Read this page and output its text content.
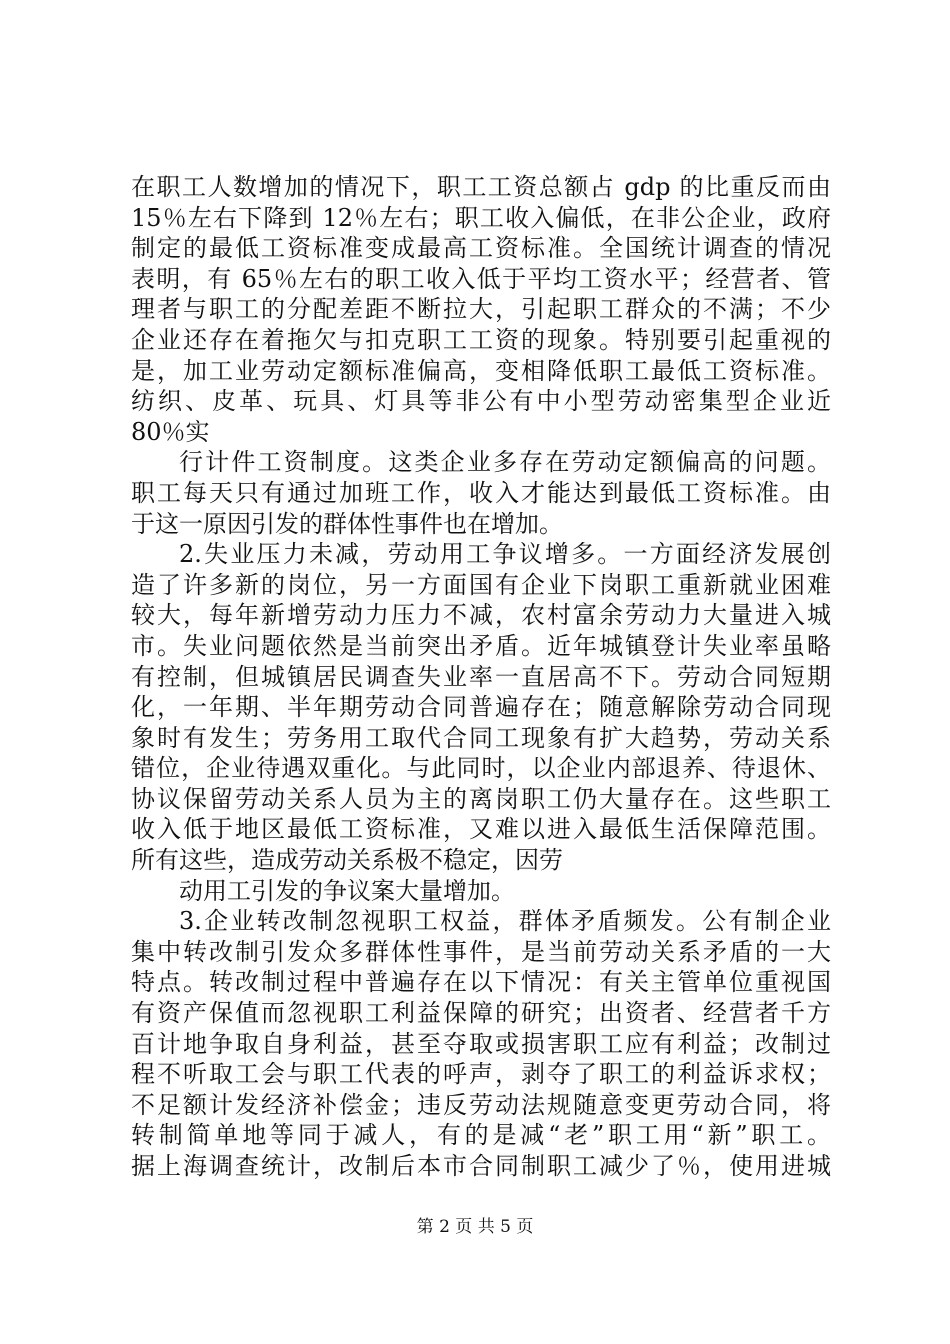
在职工人数增加的情况下，职工工资总额占 gdp 的比重反而由
15％左右下降到 12％左右；职工收入偏低，在非公企业，政府
制定的最低工资标准变成最高工资标准。全国统计调查的情况
表明，有 65％左右的职工收入低于平均工资水平；经营者、管
理者与职工的分配差距不断拉大，引起职工群众的不满；不少
企业还存在着拖欠与扣克职工工资的现象。特别要引起重视的
是，加工业劳动定额标准偏高，变相降低职工最低工资标准。
纺织、皮革、玩具、灯具等非公有中小型劳动密集型企业近
80％实
行计件工资制度。这类企业多存在劳动定额偏高的问题。
职工每天只有通过加班工作，收入才能达到最低工资标准。由
于这一原因引发的群体性事件也在增加。
2.失业压力未减，劳动用工争议增多。一方面经济发展创
造了许多新的岗位，另一方面国有企业下岗职工重新就业困难
较大，每年新增劳动力压力不减，农村富余劳动力大量进入城
市。失业问题依然是当前突出矛盾。近年城镇登计失业率虽略
有控制，但城镇居民调查失业率一直居高不下。劳动合同短期
化，一年期、半年期劳动合同普遍存在；随意解除劳动合同现
象时有发生；劳务用工取代合同工现象有扩大趋势，劳动关系
错位，企业待遇双重化。与此同时，以企业内部退养、待退休、
协议保留劳动关系人员为主的离岗职工仍大量存在。这些职工
收入低于地区最低工资标准，又难以进入最低生活保障范围。
所有这些，造成劳动关系极不稳定，因劳
动用工引发的争议案大量增加。
3.企业转改制忽视职工权益，群体矛盾频发。公有制企业
集中转改制引发众多群体性事件，是当前劳动关系矛盾的一大
特点。转改制过程中普遍存在以下情况：有关主管单位重视国
有资产保值而忽视职工利益保障的研究；出资者、经营者千方
百计地争取自身利益，甚至夺取或损害职工应有利益；改制过
程不听取工会与职工代表的呼声，剥夺了职工的利益诉求权；
不足额计发经济补偿金；违反劳动法规随意变更劳动合同，将
转制简单地等同于减人，有的是减“老”职工用“新”职工。
据上海调查统计，改制后本市合同制职工减少了％，使用进城
第 2 页 共 5 页
